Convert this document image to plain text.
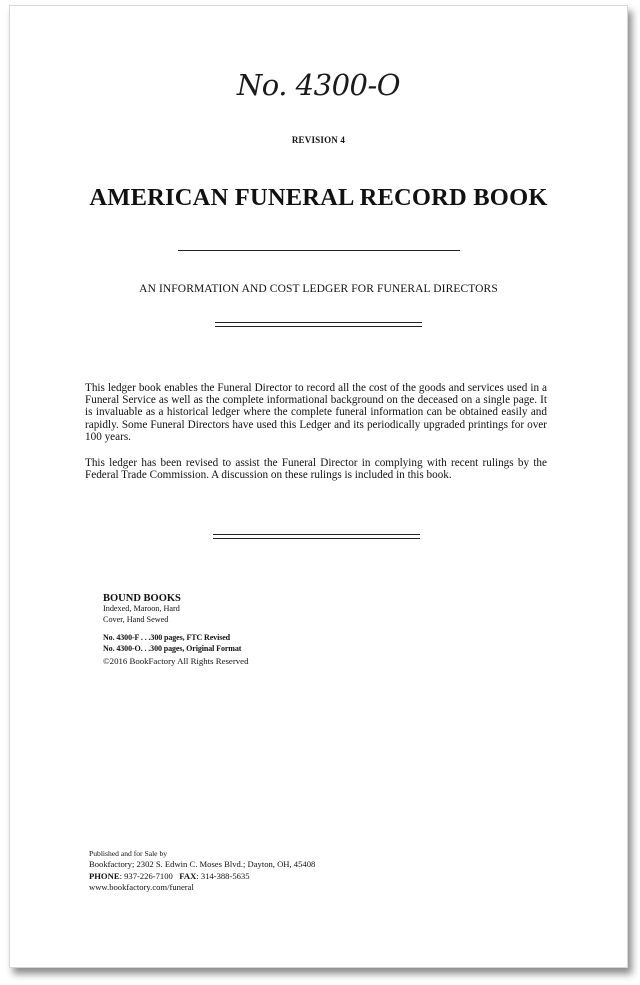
No. 4300-O
REVISION 4
AMERICAN FUNERAL RECORD BOOK
AN INFORMATION AND COST LEDGER FOR FUNERAL DIRECTORS
This ledger book enables the Funeral Director to record all the cost of the goods and services used in a Funeral Service as well as the complete informational background on the deceased on a single page. It is invaluable as a historical ledger where the complete funeral information can be obtained easily and rapidly. Some Funeral Directors have used this Ledger and its periodically upgraded printings for over 100 years.
This ledger has been revised to assist the Funeral Director in complying with recent rulings by the Federal Trade Commission. A discussion on these rulings is included in this book.
BOUND BOOKS
Indexed, Maroon, Hard
Cover, Hand Sewed
No. 4300-F . . .300 pages, FTC Revised
No. 4300-O. . .300 pages, Original Format
©2016 BookFactory All Rights Reserved
Published and for Sale by
Bookfactory; 2302 S. Edwin C. Moses Blvd.; Dayton, OH, 45408
PHONE: 937-226-7100 FAX: 314-388-5635
www.bookfactory.com/funeral
